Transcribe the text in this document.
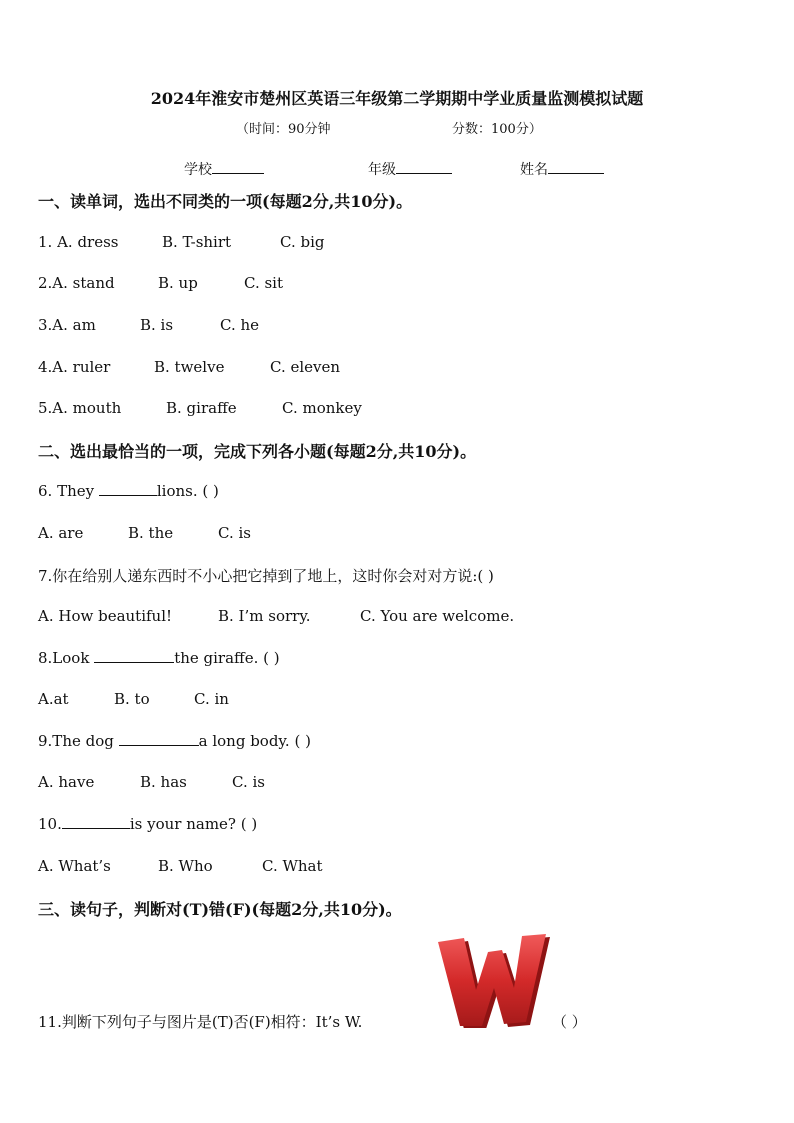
2024年淮安市楚州区英语三年级第二学期期中学业质量监测模拟试题
（时间：90分钟	分数：100分）
学校	年级	姓名
一、读单词，选出不同类的一项(每题2分,共10分)。
1. A. dress	B. T-shirt	C. big
2.A. stand	B. up	C. sit
3.A. am	B. is	C. he
4.A. ruler	B. twelve	C. eleven
5.A. mouth	B. giraffe	C. monkey
二、选出最恰当的一项，完成下列各小题(每题2分,共10分)。
6. They	lions. ( )
A. are	B. the	C. is
7.你在给别人递东西时不小心把它掉到了地上，这时你会对对方说:( )
A. How beautiful!	B. I’m sorry.	C. You are welcome.
8.Look	the giraffe. ( )
A.at	B. to	C. in
9.The dog	a long body. ( )
A. have	B. has	C. is
10.	is your name? ( )
A. What’s	B. Who	C. What
三、读句子，判断对(T)错(F)(每题2分,共10分)。
11.判断下列句子与图片是(T)否(F)相符：It’s W.	（ ）
